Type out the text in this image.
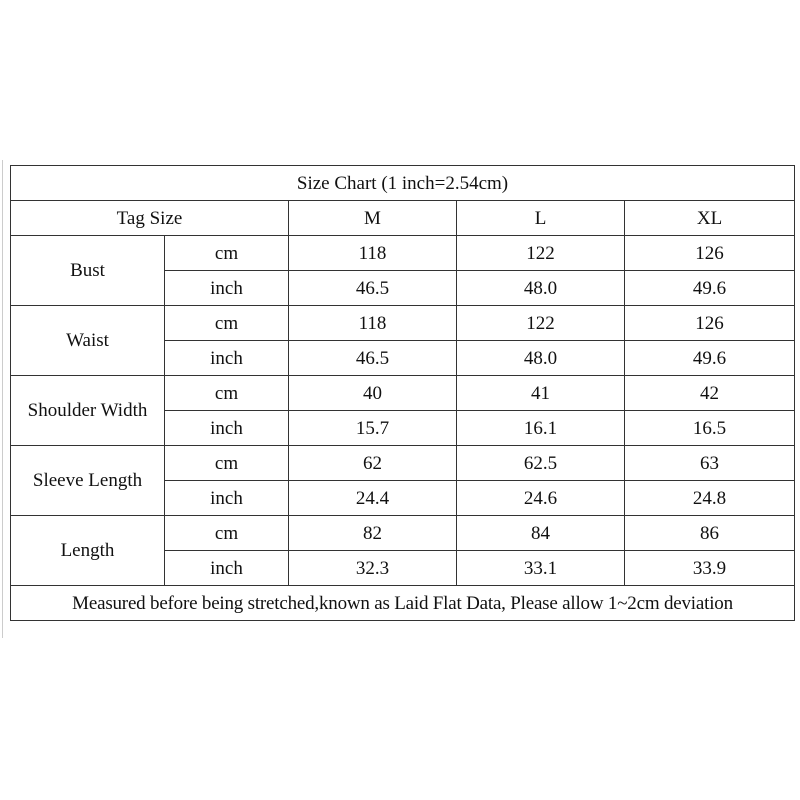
Size Chart (1 inch=2.54cm)				
Tag Size		M	L	XL
Bust	cm	118	122	126
	inch	46.5	48.0	49.6
Waist	cm	118	122	126
	inch	46.5	48.0	49.6
Shoulder Width	cm	40	41	42
	inch	15.7	16.1	16.5
Sleeve Length	cm	62	62.5	63
	inch	24.4	24.6	24.8
Length	cm	82	84	86
	inch	32.3	33.1	33.9
Measured before being stretched,known as Laid Flat Data, Please allow 1~2cm deviation				
